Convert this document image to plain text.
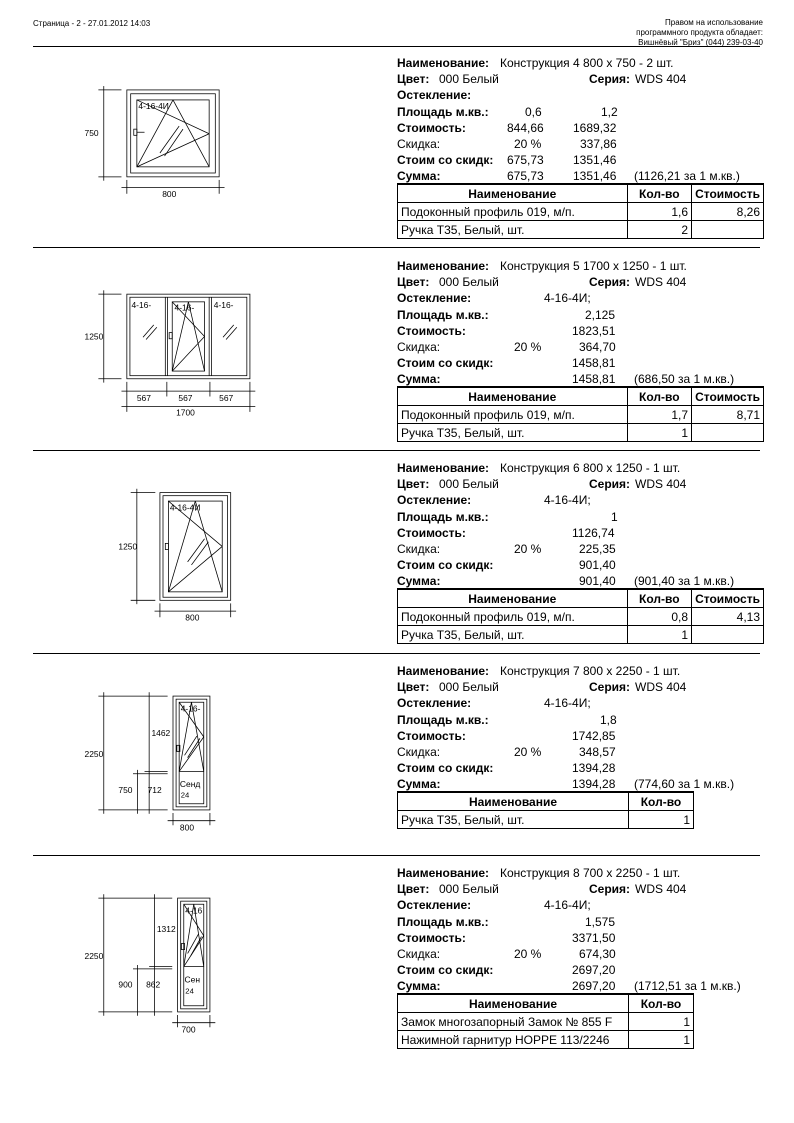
Страница - 2 - 27.01.2012 14:03	Правом на использование
программного продукта обладает:
Вишнёвый "Бриз" (044) 239-03-40
4-16-4И
750
800
Наименование: Конструкция 4 800 x 750 - 2 шт.
Цвет: 000 Белый	Серия: WDS 404
Остекление:
Площадь м.кв.:	0,6	1,2
Стоимость:	844,66 1689,32
Скидка:	20 %	337,86
Стоим со скидк: 675,73 1351,46
Сумма:	675,73 1351,46 (1126,21 за 1 м.кв.)
Наименование	Кол-во	Стоимость
Подоконный профиль 019, м/п.	1,6	8,26
Ручка Т35, Белый, шт.	2	
4-16- 4-16- 4-16-
1250
567 567 567
1700
Наименование: Конструкция 5 1700 x 1250 - 1 шт.
Цвет: 000 Белый	Серия: WDS 404
Остекление:	4-16-4И;
Площадь м.кв.:	2,125
Стоимость:	1823,51
Скидка:	20 %	364,70
Стоим со скидк:	1458,81
Сумма:	1458,81 (686,50 за 1 м.кв.)
Наименование	Кол-во	Стоимость
Подоконный профиль 019, м/п.	1,7	8,71
Ручка Т35, Белый, шт.	1	
4-16-4И
1250
800
Наименование: Конструкция 6 800 x 1250 - 1 шт.
Цвет: 000 Белый	Серия: WDS 404
Остекление:	4-16-4И;
Площадь м.кв.:	1
Стоимость:	1126,74
Скидка:	20 %	225,35
Стоим со скидк:	901,40
Сумма:	901,40 (901,40 за 1 м.кв.)
Наименование	Кол-во	Стоимость
Подоконный профиль 019, м/п.	0,8	4,13
Ручка Т35, Белый, шт.	1	
4-16-
Сенд
24
2250
1462
750 712
800
Наименование: Конструкция 7 800 x 2250 - 1 шт.
Цвет: 000 Белый	Серия: WDS 404
Остекление:	4-16-4И;
Площадь м.кв.:	1,8
Стоимость:	1742,85
Скидка:	20 %	348,57
Стоим со скидк:	1394,28
Сумма:	1394,28 (774,60 за 1 м.кв.)
Наименование	Кол-во
Ручка Т35, Белый, шт.	1
4-16
Сен
24
2250
1312
900 862
700
Наименование: Конструкция 8 700 x 2250 - 1 шт.
Цвет: 000 Белый	Серия: WDS 404
Остекление:	4-16-4И;
Площадь м.кв.:	1,575
Стоимость:	3371,50
Скидка:	20 %	674,30
Стоим со скидк:	2697,20
Сумма:	2697,20 (1712,51 за 1 м.кв.)
Наименование	Кол-во
Замок многозапорный Замок № 855 F	1
Нажимной гарнитур HOPPE 113/2246	1
